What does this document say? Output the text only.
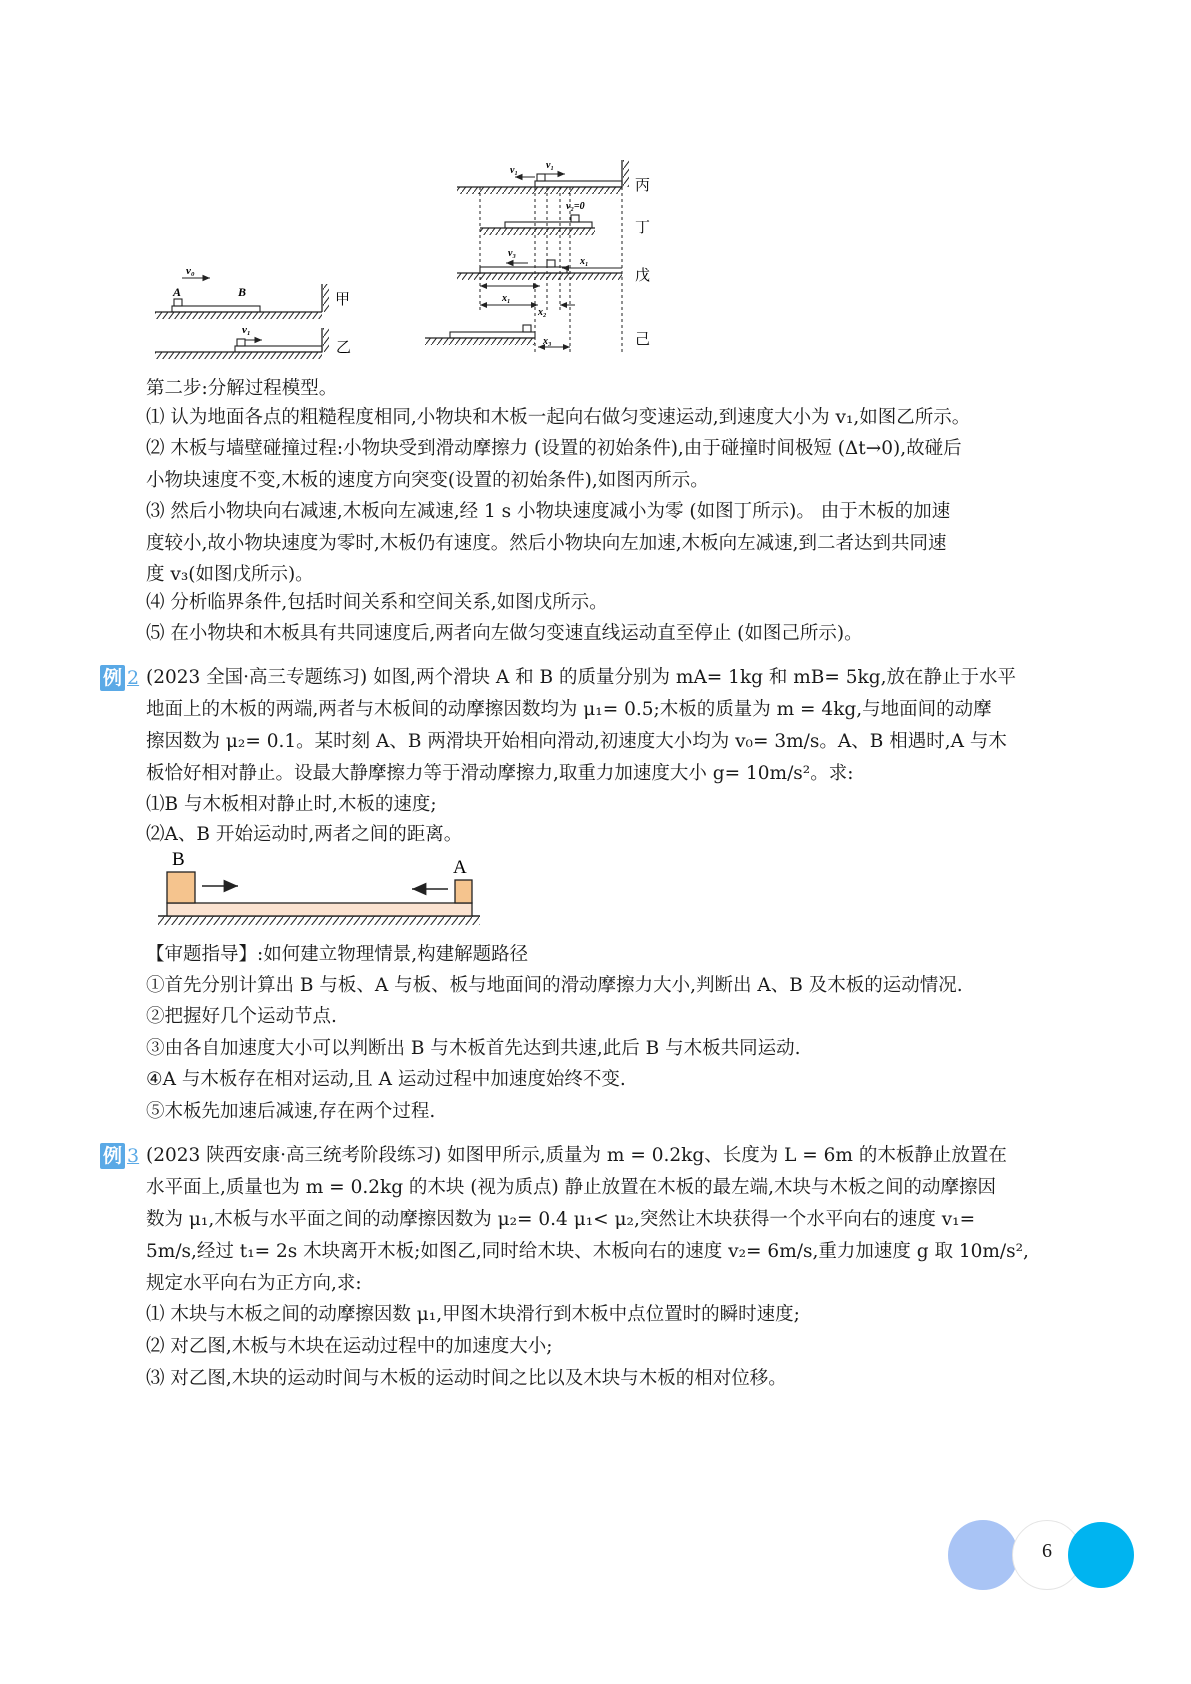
v₀
A	B	甲
v₁
乙
v₁
v₁
丙
v₂=0
丁
v₃
x₁
戊
x₁
x₂
x₃	己
第二步:分解过程模型。
⑴ 认为地面各点的粗糙程度相同,小物块和木板一起向右做匀变速运动,到速度大小为 v₁,如图乙所示。
⑵ 木板与墙壁碰撞过程:小物块受到滑动摩擦力 (设置的初始条件),由于碰撞时间极短 (Δt→0),故碰后
小物块速度不变,木板的速度方向突变(设置的初始条件),如图丙所示。
⑶ 然后小物块向右减速,木板向左减速,经 1 s 小物块速度减小为零 (如图丁所示)。 由于木板的加速
度较小,故小物块速度为零时,木板仍有速度。然后小物块向左加速,木板向左减速,到二者达到共同速
度 v₃(如图戊所示)。
⑷ 分析临界条件,包括时间关系和空间关系,如图戊所示。
⑸ 在小物块和木板具有共同速度后,两者向左做匀变速直线运动直至停止 (如图己所示)。
例 2 (2023 全国·高三专题练习) 如图,两个滑块 A 和 B 的质量分别为 mA= 1kg 和 mB= 5kg,放在静止于水平
地面上的木板的两端,两者与木板间的动摩擦因数均为 μ₁= 0.5;木板的质量为 m = 4kg,与地面间的动摩
擦因数为 μ₂= 0.1。某时刻 A、B 两滑块开始相向滑动,初速度大小均为 v₀= 3m/s。A、B 相遇时,A 与木
板恰好相对静止。设最大静摩擦力等于滑动摩擦力,取重力加速度大小 g= 10m/s²。求:
⑴B 与木板相对静止时,木板的速度;
⑵A、B 开始运动时,两者之间的距离。
B	A
【审题指导】:如何建立物理情景,构建解题路径
①首先分别计算出 B 与板、A 与板、板与地面间的滑动摩擦力大小,判断出 A、B 及木板的运动情况.
②把握好几个运动节点.
③由各自加速度大小可以判断出 B 与木板首先达到共速,此后 B 与木板共同运动.
④A 与木板存在相对运动,且 A 运动过程中加速度始终不变.
⑤木板先加速后减速,存在两个过程.
例 3 (2023 陕西安康·高三统考阶段练习) 如图甲所示,质量为 m = 0.2kg、长度为 L = 6m 的木板静止放置在
水平面上,质量也为 m = 0.2kg 的木块 (视为质点) 静止放置在木板的最左端,木块与木板之间的动摩擦因
数为 μ₁,木板与水平面之间的动摩擦因数为 μ₂= 0.4 μ₁< μ₂,突然让木块获得一个水平向右的速度 v₁=
5m/s,经过 t₁= 2s 木块离开木板;如图乙,同时给木块、木板向右的速度 v₂= 6m/s,重力加速度 g 取 10m/s²,
规定水平向右为正方向,求:
⑴ 木块与木板之间的动摩擦因数 μ₁,甲图木块滑行到木板中点位置时的瞬时速度;
⑵ 对乙图,木板与木块在运动过程中的加速度大小;
⑶ 对乙图,木块的运动时间与木板的运动时间之比以及木块与木板的相对位移。
6
